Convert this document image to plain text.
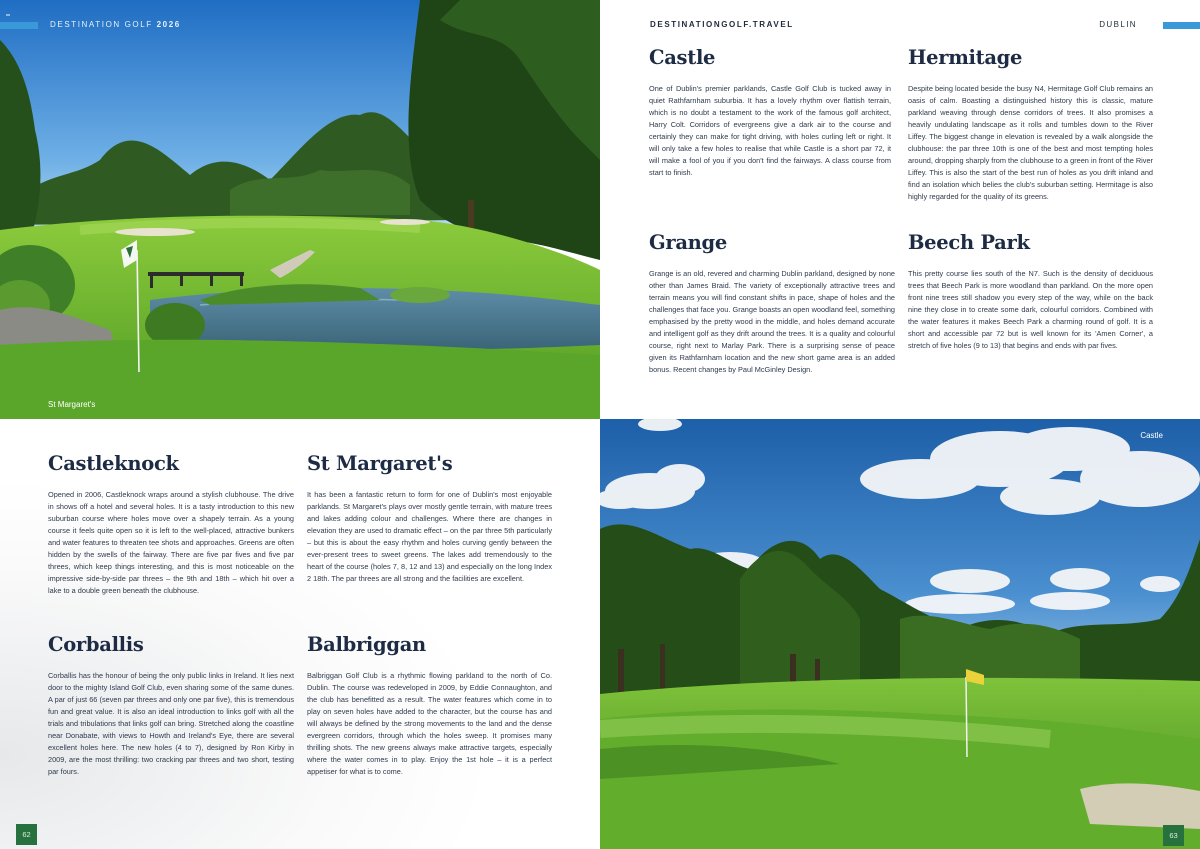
DESTINATION GOLF 2026
St Margaret's
DESTINATIONGOLF.TRAVEL	DUBLIN
Castle

One of Dublin's premier parklands, Castle Golf Club is tucked away in quiet Rathfarnham suburbia. It has a lovely rhythm over flattish terrain, which is no doubt a testament to the work of the famous golf architect, Harry Colt. Corridors of evergreens give a dark air to the course and certainly they can make for tight driving, with holes curling left or right. It will only take a few holes to realise that while Castle is a short par 72, it will make a fool of you if you don't find the fairways. A class course from start to finish.

Hermitage

Despite being located beside the busy N4, Hermitage Golf Club remains an oasis of calm. Boasting a distinguished history this is classic, mature parkland weaving through dense corridors of trees. It also promises a heavily undulating landscape as it rolls and tumbles down to the River Liffey. The biggest change in elevation is revealed by a walk alongside the clubhouse: the par three 10th is one of the best and most tempting holes around, dropping sharply from the clubhouse to a green in front of the River Liffey. This is also the start of the best run of holes as you drift inland and find an isolation which belies the club's suburban setting. Hermitage is also highly regarded for the quality of its greens.

Grange

Grange is an old, revered and charming Dublin parkland, designed by none other than James Braid. The variety of exceptionally attractive trees and terrain means you will find constant shifts in pace, shape of holes and the challenges that face you. Grange boasts an open woodland feel, something emphasised by the pretty wood in the middle, and holes demand accurate and intelligent golf as they drift around the trees. It is a quality and colourful course, right next to Marlay Park. There is a surprising sense of peace given its Rathfarnham location and the new short game area is an added bonus. Recent changes by Paul McGinley Design.

Beech Park

This pretty course lies south of the N7. Such is the density of deciduous trees that Beech Park is more woodland than parkland. On the more open front nine trees still shadow you every step of the way, while on the back nine they close in to create some dark, colourful corridors. Combined with the water features it makes Beech Park a charming round of golf. It is a short and accessible par 72 but is well known for its 'Amen Corner', a stretch of five holes (9 to 13) that begins and ends with par fives.

Castleknock

Opened in 2006, Castleknock wraps around a stylish clubhouse. The drive in shows off a hotel and several holes. It is a tasty introduction to this new suburban course where holes move over a shapely terrain. As a young course it feels quite open so it is left to the well-placed, attractive bunkers and water features to threaten tee shots and approaches. Greens are often hidden by the swells of the fairway. There are five par fives and five par threes, which keep things interesting, and this is most noticeable on the impressive side-by-side par threes – the 9th and 18th – which hit over a lake to a double green beneath the clubhouse.

St Margaret's

It has been a fantastic return to form for one of Dublin's most enjoyable parklands. St Margaret's plays over mostly gentle terrain, with mature trees and lakes adding colour and challenges. Where there are changes in elevation they are used to dramatic effect – on the par three 5th particularly – but this is about the easy rhythm and holes curving gently between the ever-present trees to sweet greens. The lakes add tremendously to the heart of the course (holes 7, 8, 12 and 13) and especially on the long Index 2 18th. The par threes are all strong and the facilities are excellent.

Corballis

Corballis has the honour of being the only public links in Ireland. It lies next door to the mighty Island Golf Club, even sharing some of the same dunes. A par of just 66 (seven par threes and only one par five), this is tremendous fun and great value. It is also an ideal introduction to links golf with all the trials and tribulations that links golf can bring. Stretched along the coastline near Donabate, with views to Howth and Ireland's Eye, there are several excellent holes here. The new holes (4 to 7), designed by Ron Kirby in 2009, are the most thrilling: two cracking par threes and two short, testing par fours.

Balbriggan

Balbriggan Golf Club is a rhythmic flowing parkland to the north of Co. Dublin. The course was redeveloped in 2009, by Eddie Connaughton, and the club has benefitted as a result. The water features which come in to play on seven holes have added to the character, but the course has and will always be defined by the strong movements to the land and the dense evergreen corridors, through which the holes sweep. It promises many thrilling shots. The new greens always make attractive targets, especially where the water comes in to play. Enjoy the 1st hole – it is a perfect appetiser for what is to come.

62
Castle
63
